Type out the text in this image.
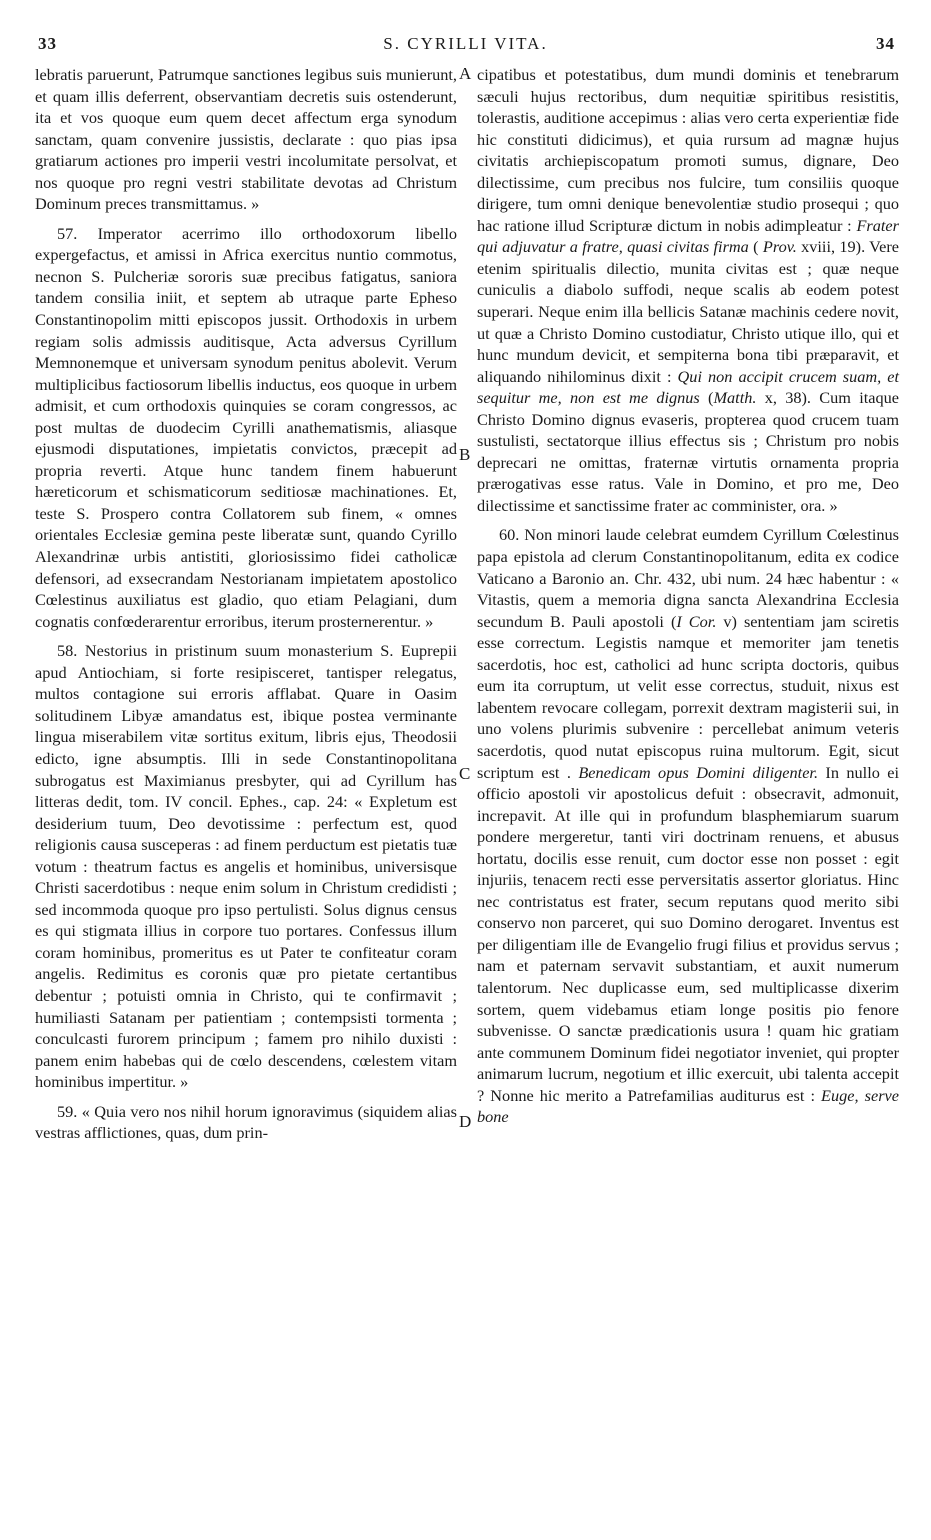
33	S. CYRILLI VITA.	34

lebratis paruerunt, Patrumque sanctiones legibus suis munierunt, et quam illis deferrent, observantiam decretis suis ostenderunt, ita et vos quoque eum quem decet affectum erga synodum sanctam, quam convenire jussistis, declarate : quo pias ipsa gratiarum actiones pro imperii vestri incolumitate persolvat, et nos quoque pro regni vestri stabilitate devotas ad Christum Dominum preces transmittamus. »

57. Imperator acerrimo illo orthodoxorum libello expergefactus, et amissi in Africa exercitus nuntio commotus, necnon S. Pulcheriæ sororis suæ precibus fatigatus, saniora tandem consilia iniit, et septem ab utraque parte Epheso Constantinopolim mitti episcopos jussit. Orthodoxis in urbem regiam solis admissis auditisque, Acta adversus Cyrillum Memnonemque et universam synodum penitus abolevit. Verum multiplicibus factiosorum libellis inductus, eos quoque in urbem admisit, et cum orthodoxis quinquies se coram congressos, ac post multas de duodecim Cyrilli anathematismis, aliasque ejusmodi disputationes, impietatis convictos, præcepit ad propria reverti. Atque hunc tandem finem habuerunt hæreticorum et schismaticorum seditiosæ machinationes. Et, teste S. Prospero contra Collatorem sub finem, « omnes orientales Ecclesiæ gemina peste liberatæ sunt, quando Cyrillo Alexandrinæ urbis antistiti, gloriosissimo fidei catholicæ defensori, ad exsecrandam Nestorianam impietatem apostolico Cœlestinus auxiliatus est gladio, quo etiam Pelagiani, dum cognatis confœderarentur erroribus, iterum prosternerentur. »

58. Nestorius in pristinum suum monasterium S. Euprepii apud Antiochiam, si forte resipisceret, tantisper relegatus, multos contagione sui erroris afflabat. Quare in Oasim solitudinem Libyæ amandatus est, ibique postea verminante lingua miserabilem vitæ sortitus exitum, libris ejus, Theodosii edicto, igne absumptis. Illi in sede Constantinopolitana subrogatus est Maximianus presbyter, qui ad Cyrillum has litteras dedit, tom. IV concil. Ephes., cap. 24: « Expletum est desiderium tuum, Deo devotissime : perfectum est, quod religionis causa susceperas : ad finem perductum est pietatis tuæ votum : theatrum factus es angelis et hominibus, universisque Christi sacerdotibus : neque enim solum in Christum credidisti ; sed incommoda quoque pro ipso pertulisti. Solus dignus census es qui stigmata illius in corpore tuo portares. Confessus illum coram hominibus, promeritus es ut Pater te confiteatur coram angelis. Redimitus es coronis quæ pro pietate certantibus debentur ; potuisti omnia in Christo, qui te confirmavit ; humiliasti Satanam per patientiam ; contempsisti tormenta ; conculcasti furorem principum ; famem pro nihilo duxisti : panem enim habebas qui de cœlo descendens, cœlestem vitam hominibus impertitur. »

59. « Quia vero nos nihil horum ignoravimus (siquidem alias vestras afflictiones, quas, dum prin-

cipatibus et potestatibus, dum mundi dominis et tenebrarum sæculi hujus rectoribus, dum nequitiæ spiritibus resistitis, tolerastis, auditione accepimus : alias vero certa experientiæ fide hic constituti didicimus), et quia rursum ad magnæ hujus civitatis archiepiscopatum promoti sumus, dignare, Deo dilectissime, cum precibus nos fulcire, tum consiliis quoque dirigere, tum omni denique benevolentiæ studio prosequi ; quo hac ratione illud Scripturæ dictum in nobis adimpleatur : Frater qui adjuvatur a fratre, quasi civitas firma ( Prov. xviii, 19). Vere etenim spiritualis dilectio, munita civitas est ; quæ neque cuniculis a diabolo suffodi, neque scalis ab eodem potest superari. Neque enim illa bellicis Satanæ machinis cedere novit, ut quæ a Christo Domino custodiatur, Christo utique illo, qui et hunc mundum devicit, et sempiterna bona tibi præparavit, et aliquando nihilominus dixit : Qui non accipit crucem suam, et sequitur me, non est me dignus (Matth. x, 38). Cum itaque Christo Domino dignus evaseris, propterea quod crucem tuam sustulisti, sectatorque illius effectus sis ; Christum pro nobis deprecari ne omittas, fraternæ virtutis ornamenta propria prærogativas esse ratus. Vale in Domino, et pro me, Deo dilectissime et sanctissime frater ac comminister, ora. »

60. Non minori laude celebrat eumdem Cyrillum Cœlestinus papa epistola ad clerum Constantinopolitanum, edita ex codice Vaticano a Baronio an. Chr. 432, ubi num. 24 hæc habentur : « Vitastis, quem a memoria digna sancta Alexandrina Ecclesia secundum B. Pauli apostoli (I Cor. v) sententiam jam sciretis esse correctum. Legistis namque et memoriter jam tenetis sacerdotis, hoc est, catholici ad hunc scripta doctoris, quibus eum ita corruptum, ut velit esse correctus, studuit, nixus est labentem revocare collegam, porrexit dextram magisterii sui, in uno volens plurimis subvenire : percellebat animum veteris sacerdotis, quod nutat episcopus ruina multorum. Egit, sicut scriptum est . Benedicam opus Domini diligenter. In nullo ei officio apostoli vir apostolicus defuit : obsecravit, admonuit, increpavit. At ille qui in profundum blasphemiarum suarum pondere mergeretur, tanti viri doctrinam renuens, et abusus hortatu, docilis esse renuit, cum doctor esse non posset : egit injuriis, tenacem recti esse perversitatis assertor gloriatus. Hinc nec contristatus est frater, secum reputans quod merito sibi conservo non parceret, qui suo Domino derogaret. Inventus est per diligentiam ille de Evangelio frugi filius et providus servus ; nam et paternam servavit substantiam, et auxit numerum talentorum. Nec duplicasse eum, sed multiplicasse dixerim sortem, quem videbamus etiam longe positis pio fenore subvenisse. O sanctæ prædicationis usura ! quam hic gratiam ante communem Dominum fidei negotiator inveniet, qui propter animarum lucrum, negotium et illic exercuit, ubi talenta accepit ? Nonne hic merito a Patrefamilias auditurus est : Euge, serve bone

A
B
C
D
